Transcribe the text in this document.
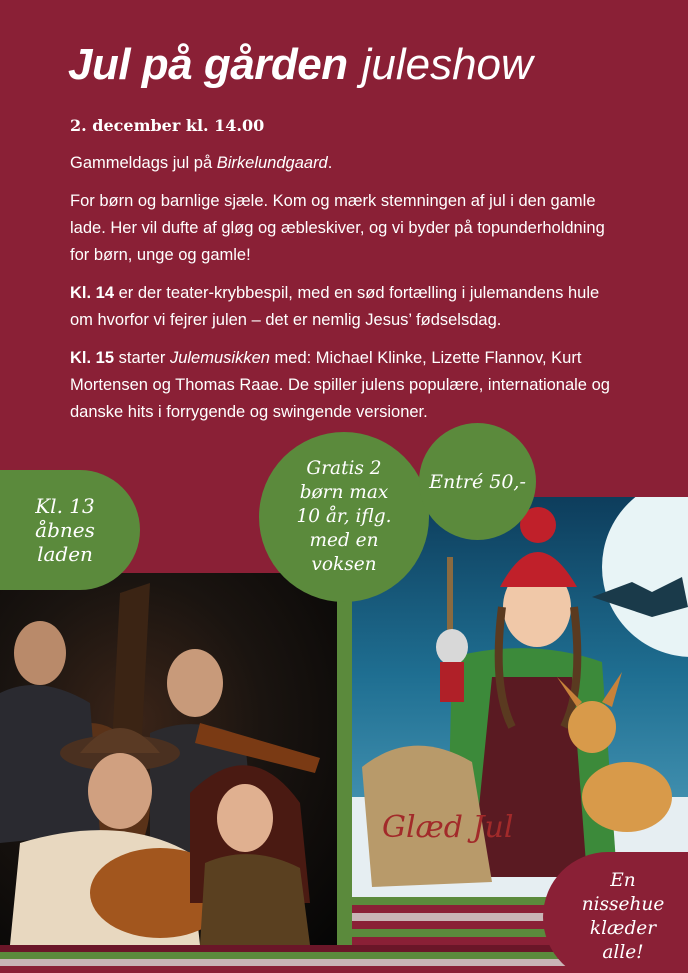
Jul på gården juleshow

2. december kl. 14.00

Gammeldags jul på Birkelundgaard.

For børn og barnlige sjæle. Kom og mærk stemningen af jul i den gamle lade. Her vil dufte af gløg og æbleskiver, og vi byder på topunderholdning for børn, unge og gamle!

Kl. 14 er der teater-krybbespil, med en sød fortælling i julemandens hule om hvorfor vi fejrer julen – det er nemlig Jesus’ fødselsdag.

Kl. 15 starter Julemusikken med: Michael Klinke, Lizette Flannov, Kurt Mortensen og Thomas Raae. De spiller julens populære, internationale og danske hits i forrygende og swingende versioner.

Glæd Jul
Kl. 13 åbnes laden
Gratis 2 børn max 10 år, iflg. med en voksen
Entré 50,-
En nissehue klæder alle!
